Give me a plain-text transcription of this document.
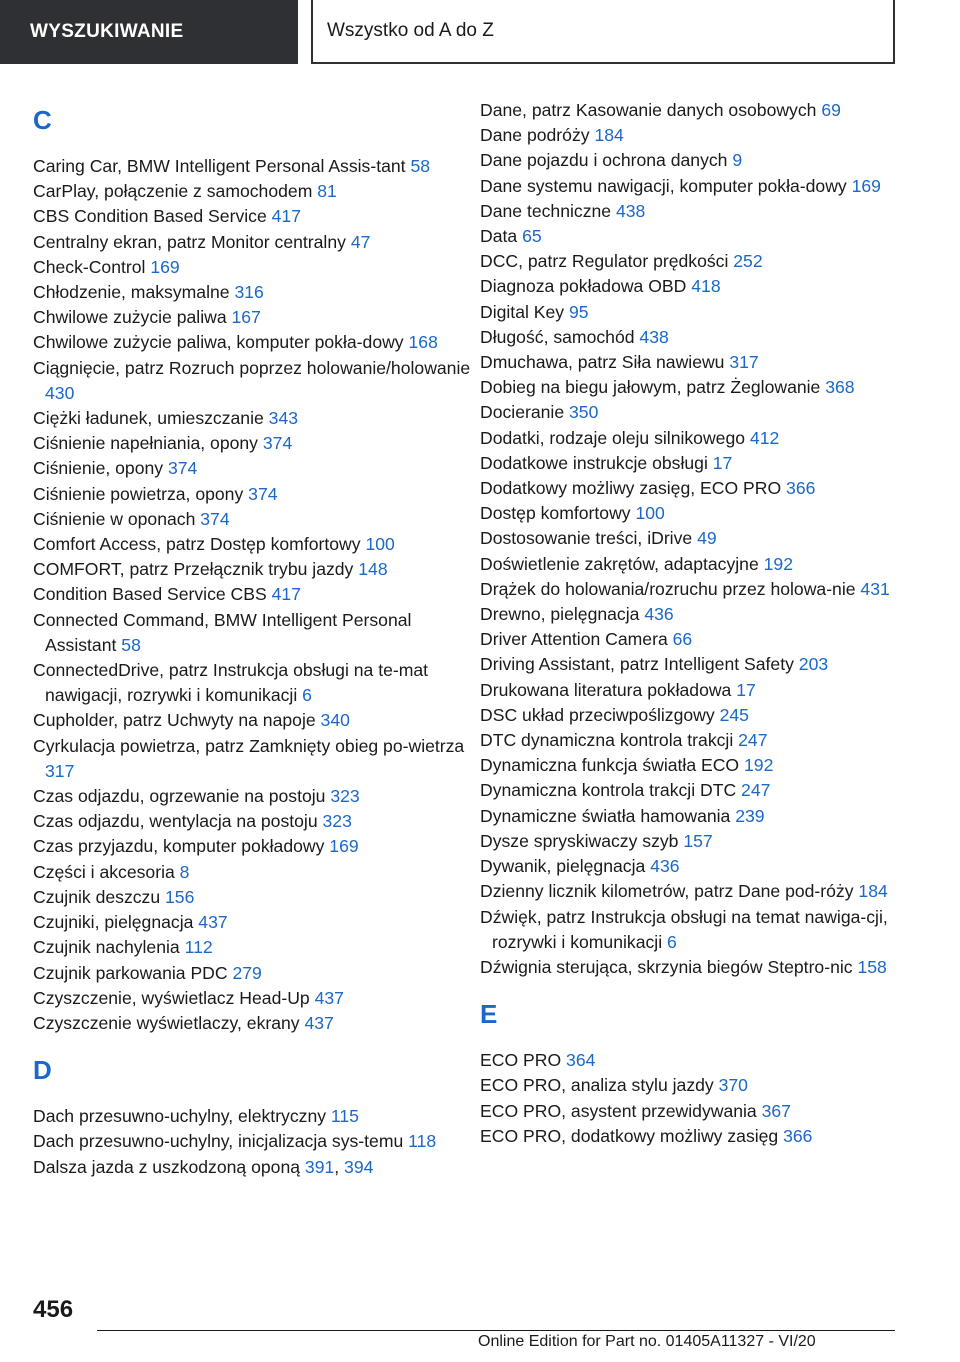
WYSZUKIWANIE	Wszystko od A do Z
C
Caring Car, BMW Intelligent Personal Assis-tant 58
CarPlay, połączenie z samochodem 81
CBS Condition Based Service 417
Centralny ekran, patrz Monitor centralny 47
Check-Control 169
Chłodzenie, maksymalne 316
Chwilowe zużycie paliwa 167
Chwilowe zużycie paliwa, komputer pokła-dowy 168
Ciągnięcie, patrz Rozruch poprzez holowanie/holowanie 430
Ciężki ładunek, umieszczanie 343
Ciśnienie napełniania, opony 374
Ciśnienie, opony 374
Ciśnienie powietrza, opony 374
Ciśnienie w oponach 374
Comfort Access, patrz Dostęp komfortowy 100
COMFORT, patrz Przełącznik trybu jazdy 148
Condition Based Service CBS 417
Connected Command, BMW Intelligent Personal Assistant 58
ConnectedDrive, patrz Instrukcja obsługi na te-mat nawigacji, rozrywki i komunikacji 6
Cupholder, patrz Uchwyty na napoje 340
Cyrkulacja powietrza, patrz Zamknięty obieg po-wietrza 317
Czas odjazdu, ogrzewanie na postoju 323
Czas odjazdu, wentylacja na postoju 323
Czas przyjazdu, komputer pokładowy 169
Części i akcesoria 8
Czujnik deszczu 156
Czujniki, pielęgnacja 437
Czujnik nachylenia 112
Czujnik parkowania PDC 279
Czyszczenie, wyświetlacz Head-Up 437
Czyszczenie wyświetlaczy, ekrany 437
D
Dach przesuwno-uchylny, elektryczny 115
Dach przesuwno-uchylny, inicjalizacja sys-temu 118
Dalsza jazda z uszkodzoną oponą 391, 394
Dane, patrz Kasowanie danych osobowych 69
Dane podróży 184
Dane pojazdu i ochrona danych 9
Dane systemu nawigacji, komputer pokła-dowy 169
Dane techniczne 438
Data 65
DCC, patrz Regulator prędkości 252
Diagnoza pokładowa OBD 418
Digital Key 95
Długość, samochód 438
Dmuchawa, patrz Siła nawiewu 317
Dobieg na biegu jałowym, patrz Żeglowanie 368
Docieranie 350
Dodatki, rodzaje oleju silnikowego 412
Dodatkowe instrukcje obsługi 17
Dodatkowy możliwy zasięg, ECO PRO 366
Dostęp komfortowy 100
Dostosowanie treści, iDrive 49
Doświetlenie zakrętów, adaptacyjne 192
Drążek do holowania/rozruchu przez holowa-nie 431
Drewno, pielęgnacja 436
Driver Attention Camera 66
Driving Assistant, patrz Intelligent Safety 203
Drukowana literatura pokładowa 17
DSC układ przeciwpoślizgowy 245
DTC dynamiczna kontrola trakcji 247
Dynamiczna funkcja światła ECO 192
Dynamiczna kontrola trakcji DTC 247
Dynamiczne światła hamowania 239
Dysze spryskiwaczy szyb 157
Dywanik, pielęgnacja 436
Dzienny licznik kilometrów, patrz Dane pod-róży 184
Dźwięk, patrz Instrukcja obsługi na temat nawiga-cji, rozrywki i komunikacji 6
Dźwignia sterująca, skrzynia biegów Steptro-nic 158
E
ECO PRO 364
ECO PRO, analiza stylu jazdy 370
ECO PRO, asystent przewidywania 367
ECO PRO, dodatkowy możliwy zasięg 366
456
Online Edition for Part no. 01405A11327 - VI/20
